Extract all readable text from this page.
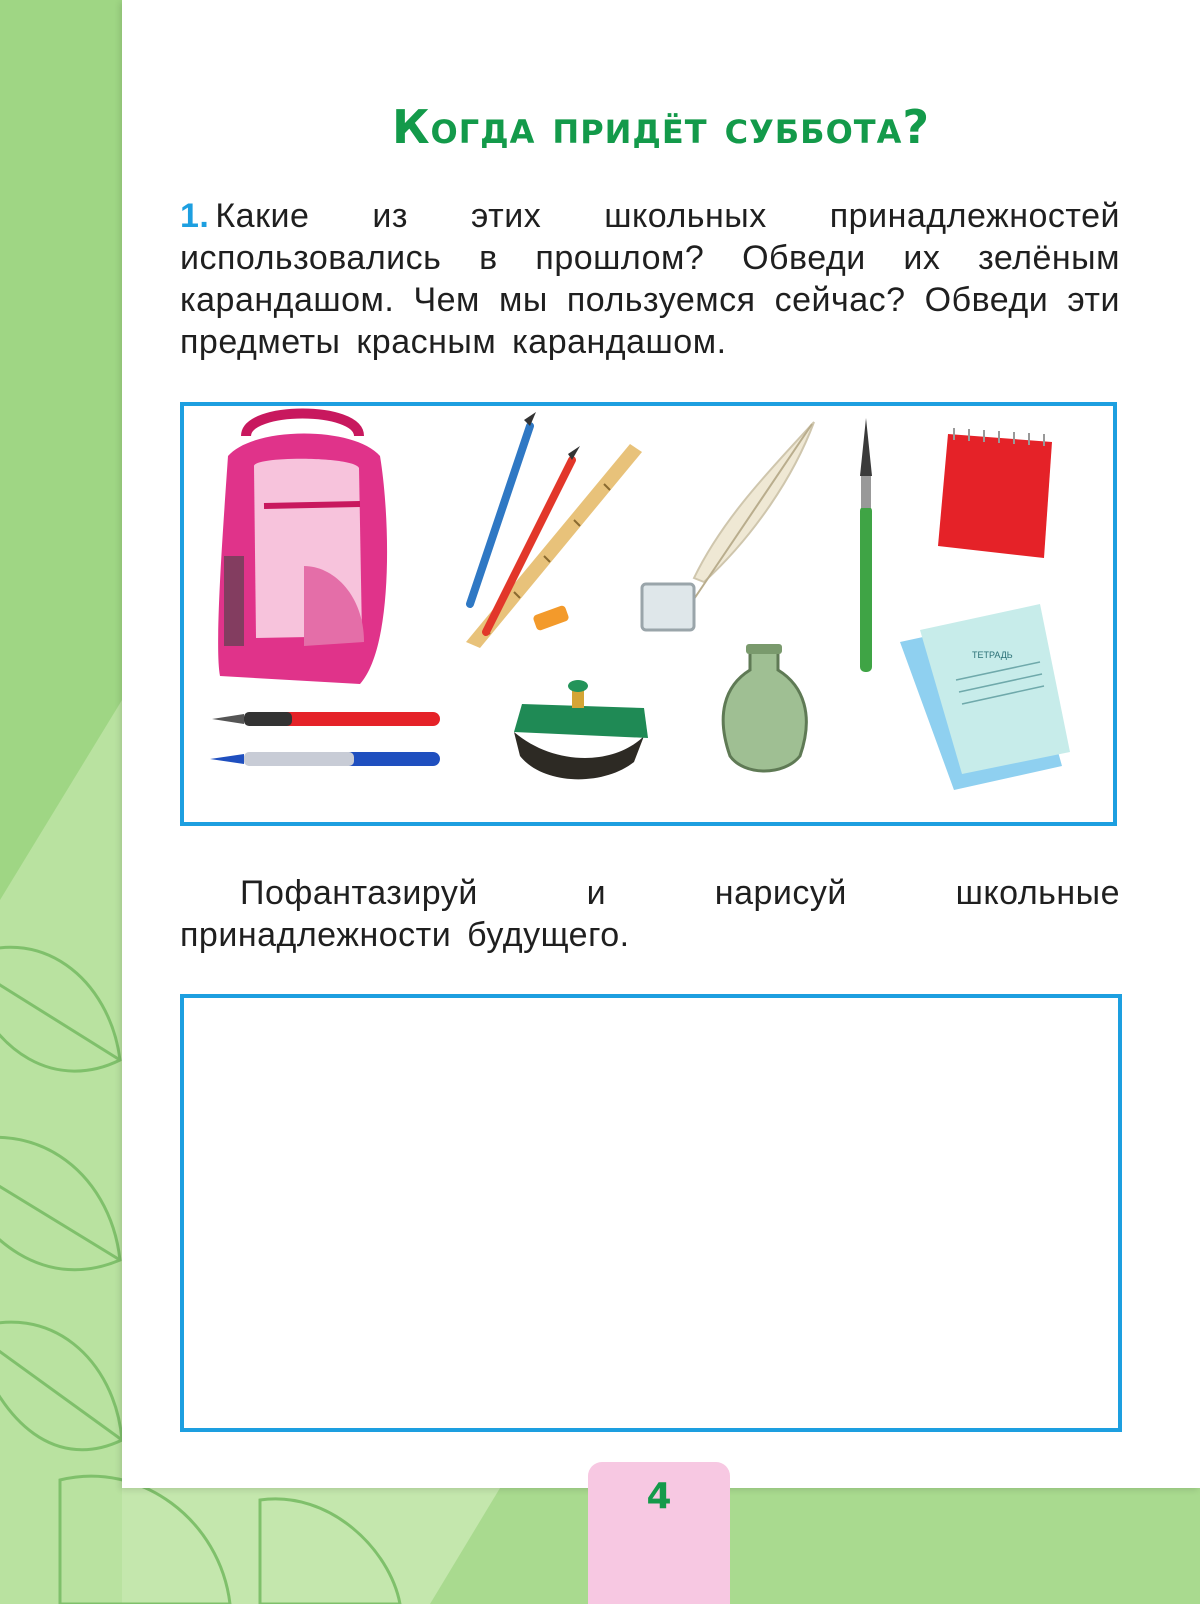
Когда придёт суббота?

1. Какие из этих школьных принадлежностей использовались в прошлом? Обведи их зелёным карандашом. Чем мы пользуемся сейчас? Обведи эти предметы красным карандашом.

ТЕТРАДЬ

Пофантазируй и нарисуй школьные принадлежности будущего.

4
